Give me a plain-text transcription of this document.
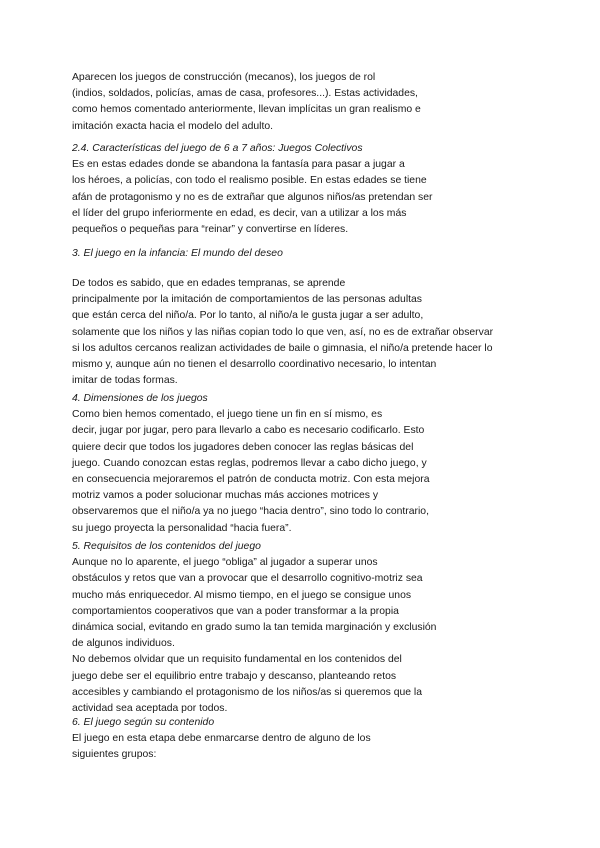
Aparecen los juegos de construcción (mecanos), los juegos de rol
(indios, soldados, policías, amas de casa, profesores...). Estas actividades,
como hemos comentado anteriormente, llevan implícitas un gran realismo e
imitación exacta hacia el modelo del adulto.
2.4. Características del juego de 6 a 7 años: Juegos Colectivos
Es en estas edades donde se abandona la fantasía para pasar a jugar a
los héroes, a policías, con todo el realismo posible. En estas edades se tiene
afán de protagonismo y no es de extrañar que algunos niños/as pretendan ser
el líder del grupo inferiormente en edad, es decir, van a utilizar a los más
pequeños o pequeñas para “reinar” y convertirse en líderes.
3. El juego en la infancia: El mundo del deseo
De todos es sabido, que en edades tempranas, se aprende
principalmente por la imitación de comportamientos de las personas adultas
que están cerca del niño/a. Por lo tanto, al niño/a le gusta jugar a ser adulto,
solamente que los niños y las niñas copian todo lo que ven, así, no es de extrañar observar
si los adultos cercanos realizan actividades de baile o gimnasia, el niño/a pretende hacer lo
mismo y, aunque aún no tienen el desarrollo coordinativo necesario, lo intentan
imitar de todas formas.
4. Dimensiones de los juegos
Como bien hemos comentado, el juego tiene un fin en sí mismo, es
decir, jugar por jugar, pero para llevarlo a cabo es necesario codificarlo. Esto
quiere decir que todos los jugadores deben conocer las reglas básicas del
juego. Cuando conozcan estas reglas, podremos llevar a cabo dicho juego, y
en consecuencia mejoraremos el patrón de conducta motriz. Con esta mejora
motriz vamos a poder solucionar muchas más acciones motrices y
observaremos que el niño/a ya no juego “hacia dentro”, sino todo lo contrario,
su juego proyecta la personalidad “hacia fuera”.
5. Requisitos de los contenidos del juego
Aunque no lo aparente, el juego “obliga” al jugador a superar unos
obstáculos y retos que van a provocar que el desarrollo cognitivo-motriz sea
mucho más enriquecedor. Al mismo tiempo, en el juego se consigue unos
comportamientos cooperativos que van a poder transformar a la propia
dinámica social, evitando en grado sumo la tan temida marginación y exclusión
de algunos individuos.
No debemos olvidar que un requisito fundamental en los contenidos del
juego debe ser el equilibrio entre trabajo y descanso, planteando retos
accesibles y cambiando el protagonismo de los niños/as si queremos que la
actividad sea aceptada por todos.
6. El juego según su contenido
El juego en esta etapa debe enmarcarse dentro de alguno de los
siguientes grupos:
